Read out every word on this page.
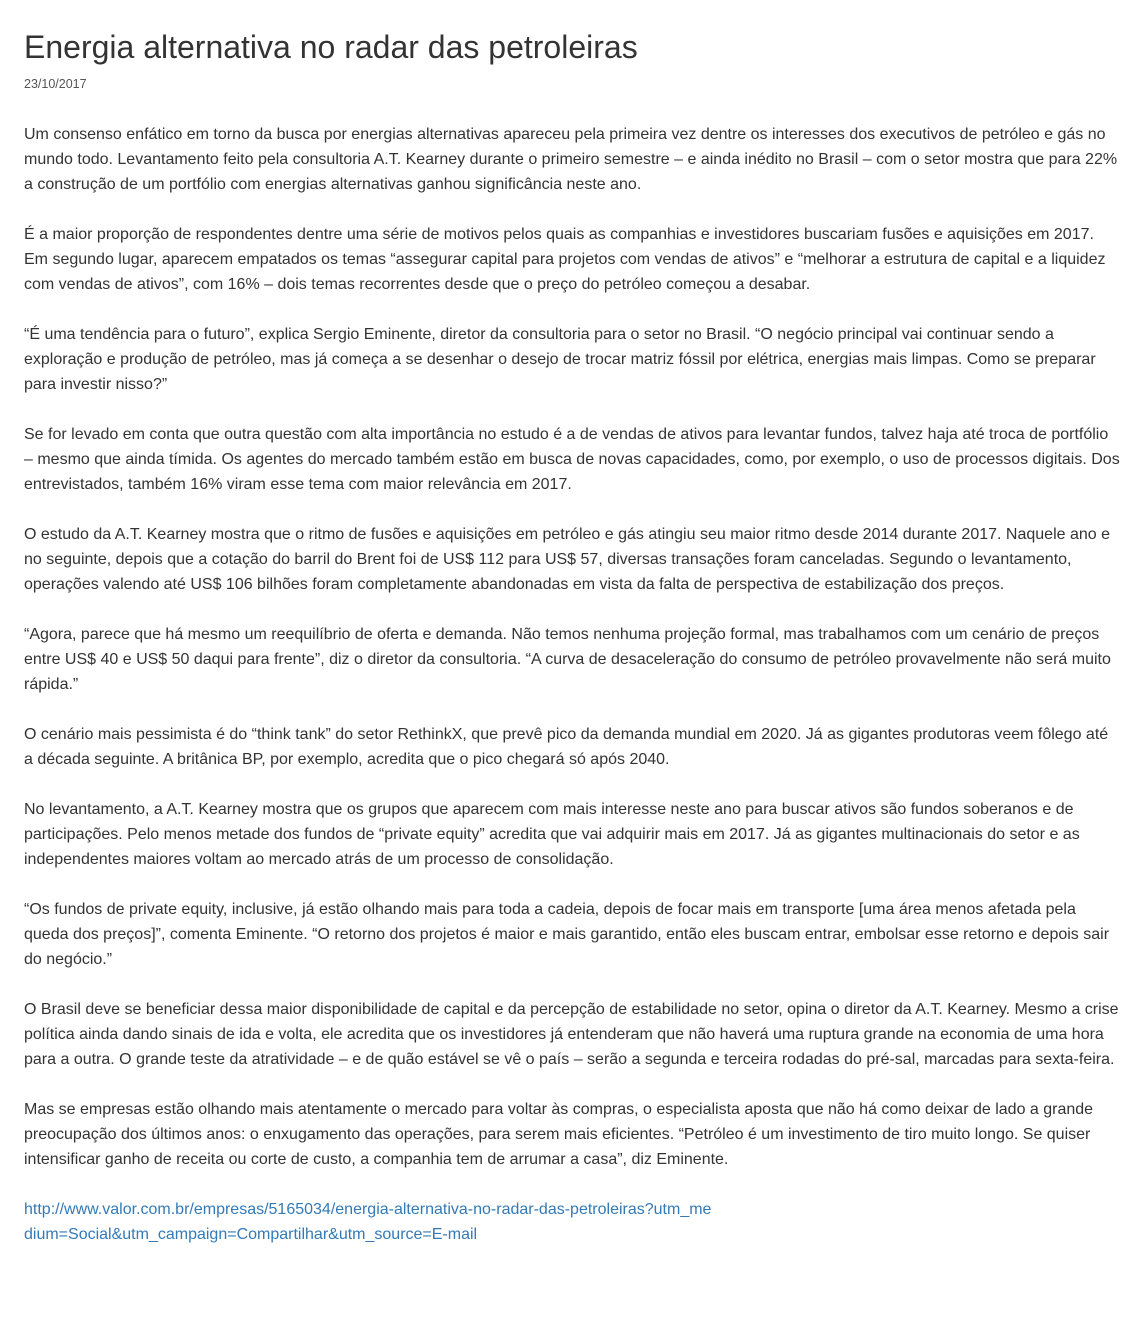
Energia alternativa no radar das petroleiras
23/10/2017

Um consenso enfático em torno da busca por energias alternativas apareceu pela primeira vez dentre os interesses dos executivos de petróleo e gás no mundo todo. Levantamento feito pela consultoria A.T. Kearney durante o primeiro semestre – e ainda inédito no Brasil – com o setor mostra que para 22% a construção de um portfólio com energias alternativas ganhou significância neste ano.

É a maior proporção de respondentes dentre uma série de motivos pelos quais as companhias e investidores buscariam fusões e aquisições em 2017. Em segundo lugar, aparecem empatados os temas “assegurar capital para projetos com vendas de ativos” e “melhorar a estrutura de capital e a liquidez com vendas de ativos”, com 16% – dois temas recorrentes desde que o preço do petróleo começou a desabar.

“É uma tendência para o futuro”, explica Sergio Eminente, diretor da consultoria para o setor no Brasil. “O negócio principal vai continuar sendo a exploração e produção de petróleo, mas já começa a se desenhar o desejo de trocar matriz fóssil por elétrica, energias mais limpas. Como se preparar para investir nisso?”

Se for levado em conta que outra questão com alta importância no estudo é a de vendas de ativos para levantar fundos, talvez haja até troca de portfólio – mesmo que ainda tímida. Os agentes do mercado também estão em busca de novas capacidades, como, por exemplo, o uso de processos digitais. Dos entrevistados, também 16% viram esse tema com maior relevância em 2017.

O estudo da A.T. Kearney mostra que o ritmo de fusões e aquisições em petróleo e gás atingiu seu maior ritmo desde 2014 durante 2017. Naquele ano e no seguinte, depois que a cotação do barril do Brent foi de US$ 112 para US$ 57, diversas transações foram canceladas. Segundo o levantamento, operações valendo até US$ 106 bilhões foram completamente abandonadas em vista da falta de perspectiva de estabilização dos preços.

“Agora, parece que há mesmo um reequilíbrio de oferta e demanda. Não temos nenhuma projeção formal, mas trabalhamos com um cenário de preços entre US$ 40 e US$ 50 daqui para frente”, diz o diretor da consultoria. “A curva de desaceleração do consumo de petróleo provavelmente não será muito rápida.”

O cenário mais pessimista é do “think tank” do setor RethinkX, que prevê pico da demanda mundial em 2020. Já as gigantes produtoras veem fôlego até a década seguinte. A britânica BP, por exemplo, acredita que o pico chegará só após 2040.

No levantamento, a A.T. Kearney mostra que os grupos que aparecem com mais interesse neste ano para buscar ativos são fundos soberanos e de participações. Pelo menos metade dos fundos de “private equity” acredita que vai adquirir mais em 2017. Já as gigantes multinacionais do setor e as independentes maiores voltam ao mercado atrás de um processo de consolidação.

“Os fundos de private equity, inclusive, já estão olhando mais para toda a cadeia, depois de focar mais em transporte [uma área menos afetada pela queda dos preços]”, comenta Eminente. “O retorno dos projetos é maior e mais garantido, então eles buscam entrar, embolsar esse retorno e depois sair do negócio.”

O Brasil deve se beneficiar dessa maior disponibilidade de capital e da percepção de estabilidade no setor, opina o diretor da A.T. Kearney. Mesmo a crise política ainda dando sinais de ida e volta, ele acredita que os investidores já entenderam que não haverá uma ruptura grande na economia de uma hora para a outra. O grande teste da atratividade – e de quão estável se vê o país – serão a segunda e terceira rodadas do pré-sal, marcadas para sexta-feira.

Mas se empresas estão olhando mais atentamente o mercado para voltar às compras, o especialista aposta que não há como deixar de lado a grande preocupação dos últimos anos: o enxugamento das operações, para serem mais eficientes. “Petróleo é um investimento de tiro muito longo. Se quiser intensificar ganho de receita ou corte de custo, a companhia tem de arrumar a casa”, diz Eminente.

http://www.valor.com.br/empresas/5165034/energia-alternativa-no-radar-das-petroleiras?utm_medium=Social&utm_campaign=Compartilhar&utm_source=E-mail
